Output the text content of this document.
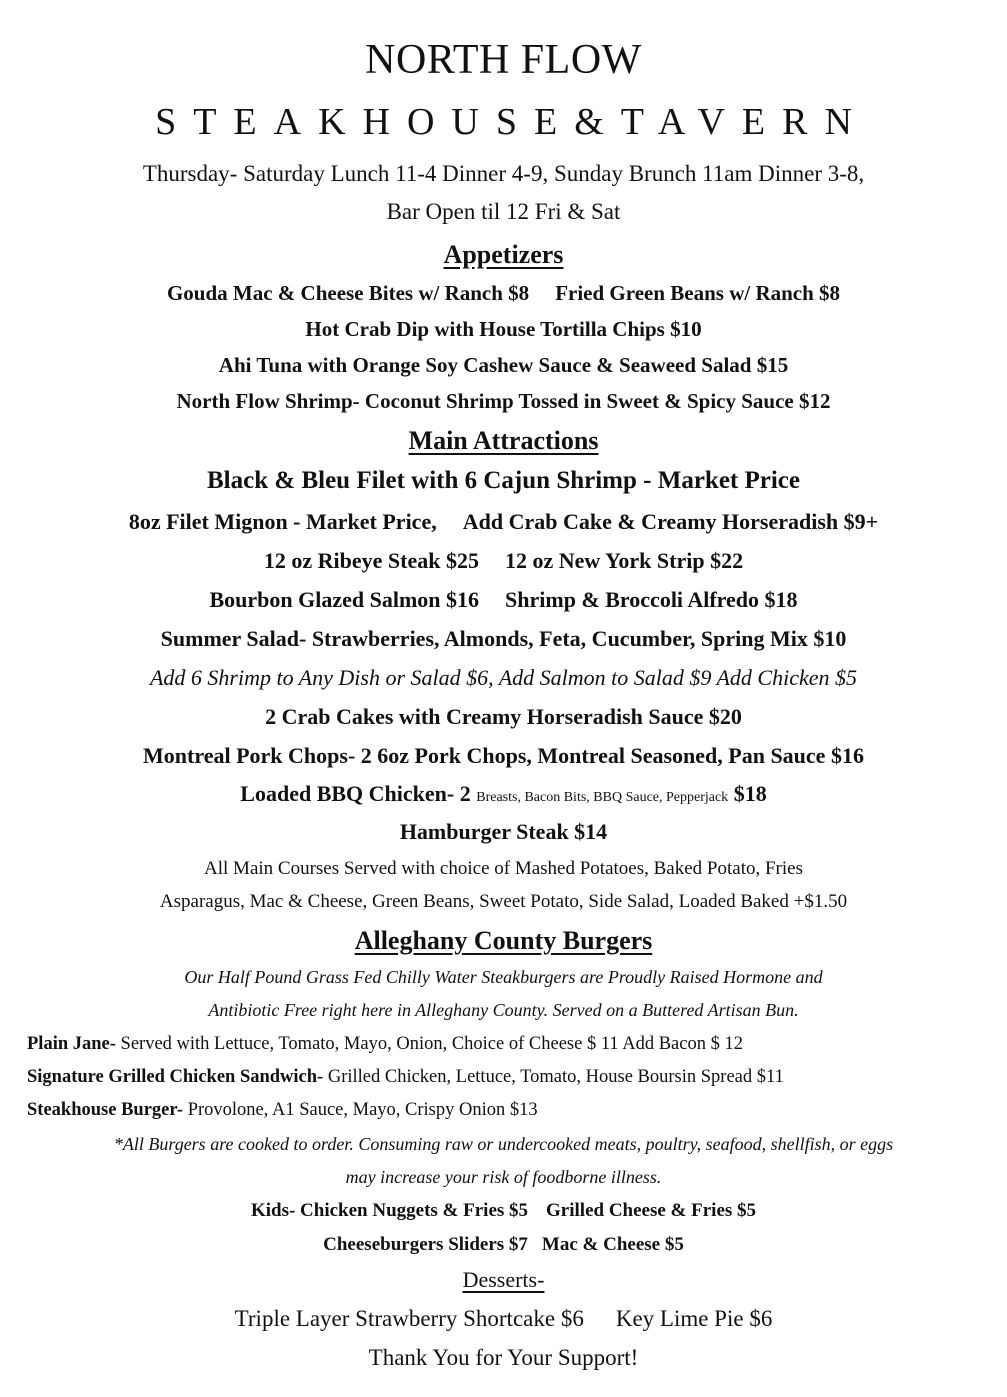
NORTH FLOW
STEAKHOUSE&TAVERN
Thursday- Saturday Lunch 11-4 Dinner 4-9, Sunday Brunch 11am Dinner 3-8,
Bar Open til 12 Fri & Sat
Appetizers
Gouda Mac & Cheese Bites w/ Ranch $8 Fried Green Beans w/ Ranch $8
Hot Crab Dip with House Tortilla Chips $10
Ahi Tuna with Orange Soy Cashew Sauce & Seaweed Salad $15
North Flow Shrimp- Coconut Shrimp Tossed in Sweet & Spicy Sauce $12
Main Attractions
Black & Bleu Filet with 6 Cajun Shrimp - Market Price
8oz Filet Mignon - Market Price, Add Crab Cake & Creamy Horseradish $9+
12 oz Ribeye Steak $25 12 oz New York Strip $22
Bourbon Glazed Salmon $16 Shrimp & Broccoli Alfredo $18
Summer Salad- Strawberries, Almonds, Feta, Cucumber, Spring Mix $10
Add 6 Shrimp to Any Dish or Salad $6, Add Salmon to Salad $9 Add Chicken $5
2 Crab Cakes with Creamy Horseradish Sauce $20
Montreal Pork Chops- 2 6oz Pork Chops, Montreal Seasoned, Pan Sauce $16
Loaded BBQ Chicken- 2 Breasts, Bacon Bits, BBQ Sauce, Pepperjack $18
Hamburger Steak $14
All Main Courses Served with choice of Mashed Potatoes, Baked Potato, Fries
Asparagus, Mac & Cheese, Green Beans, Sweet Potato, Side Salad, Loaded Baked +$1.50
Alleghany County Burgers
Our Half Pound Grass Fed Chilly Water Steakburgers are Proudly Raised Hormone and
Antibiotic Free right here in Alleghany County. Served on a Buttered Artisan Bun.
Plain Jane- Served with Lettuce, Tomato, Mayo, Onion, Choice of Cheese $ 11 Add Bacon $ 12
Signature Grilled Chicken Sandwich- Grilled Chicken, Lettuce, Tomato, House Boursin Spread $11
Steakhouse Burger- Provolone, A1 Sauce, Mayo, Crispy Onion $13
*All Burgers are cooked to order. Consuming raw or undercooked meats, poultry, seafood, shellfish, or eggs
may increase your risk of foodborne illness.
Kids- Chicken Nuggets & Fries $5 Grilled Cheese & Fries $5
Cheeseburgers Sliders $7 Mac & Cheese $5
Desserts-
Triple Layer Strawberry Shortcake $6 Key Lime Pie $6
Thank You for Your Support!
